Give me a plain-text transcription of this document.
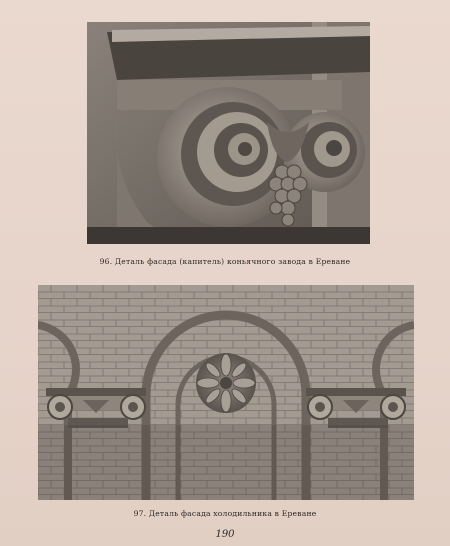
96. Деталь фасада (капитель) коньячного завода в Ереване
97. Деталь фасада холодильника в Ереване
190
